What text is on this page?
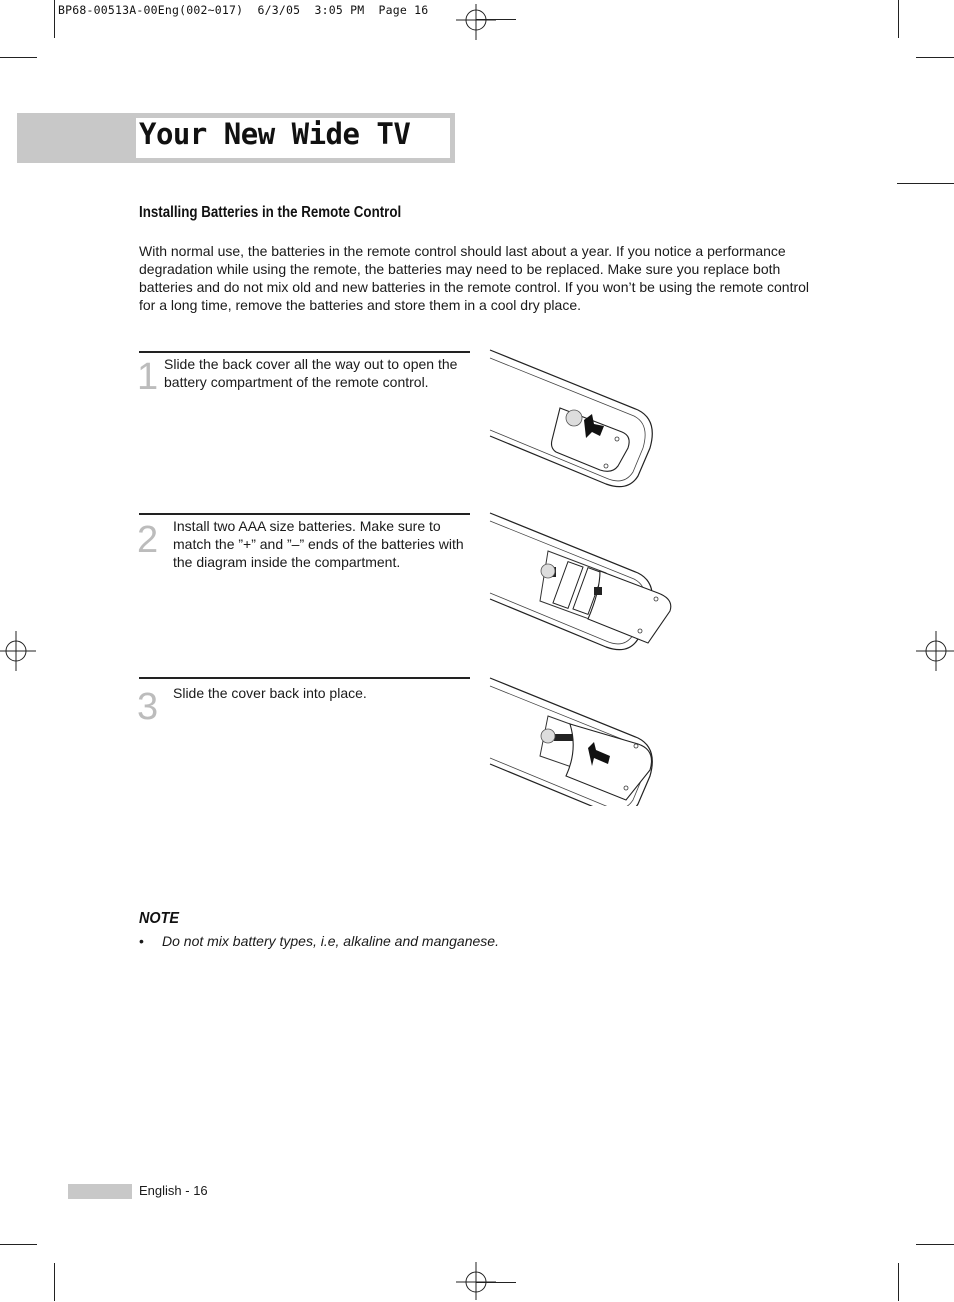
BP68-00513A-00Eng(002~017)  6/3/05  3:05 PM  Page 16
Your New Wide TV
Installing Batteries in the Remote Control
With normal use, the batteries in the remote control should last about a year. If you notice a performance degradation while using the remote, the batteries may need to be replaced. Make sure you replace both batteries and do not mix old and new batteries in the remote control. If you won’t be using the remote control for a long time, remove the batteries and store them in a cool dry place.
1 Slide the back cover all the way out to open the battery compartment of the remote control.
2 Install two AAA size batteries. Make sure to match the ”+” and ”–” ends of the batteries with the diagram inside the compartment.
3 Slide the cover back into place.
NOTE
• Do not mix battery types, i.e, alkaline and manganese.
English - 16
